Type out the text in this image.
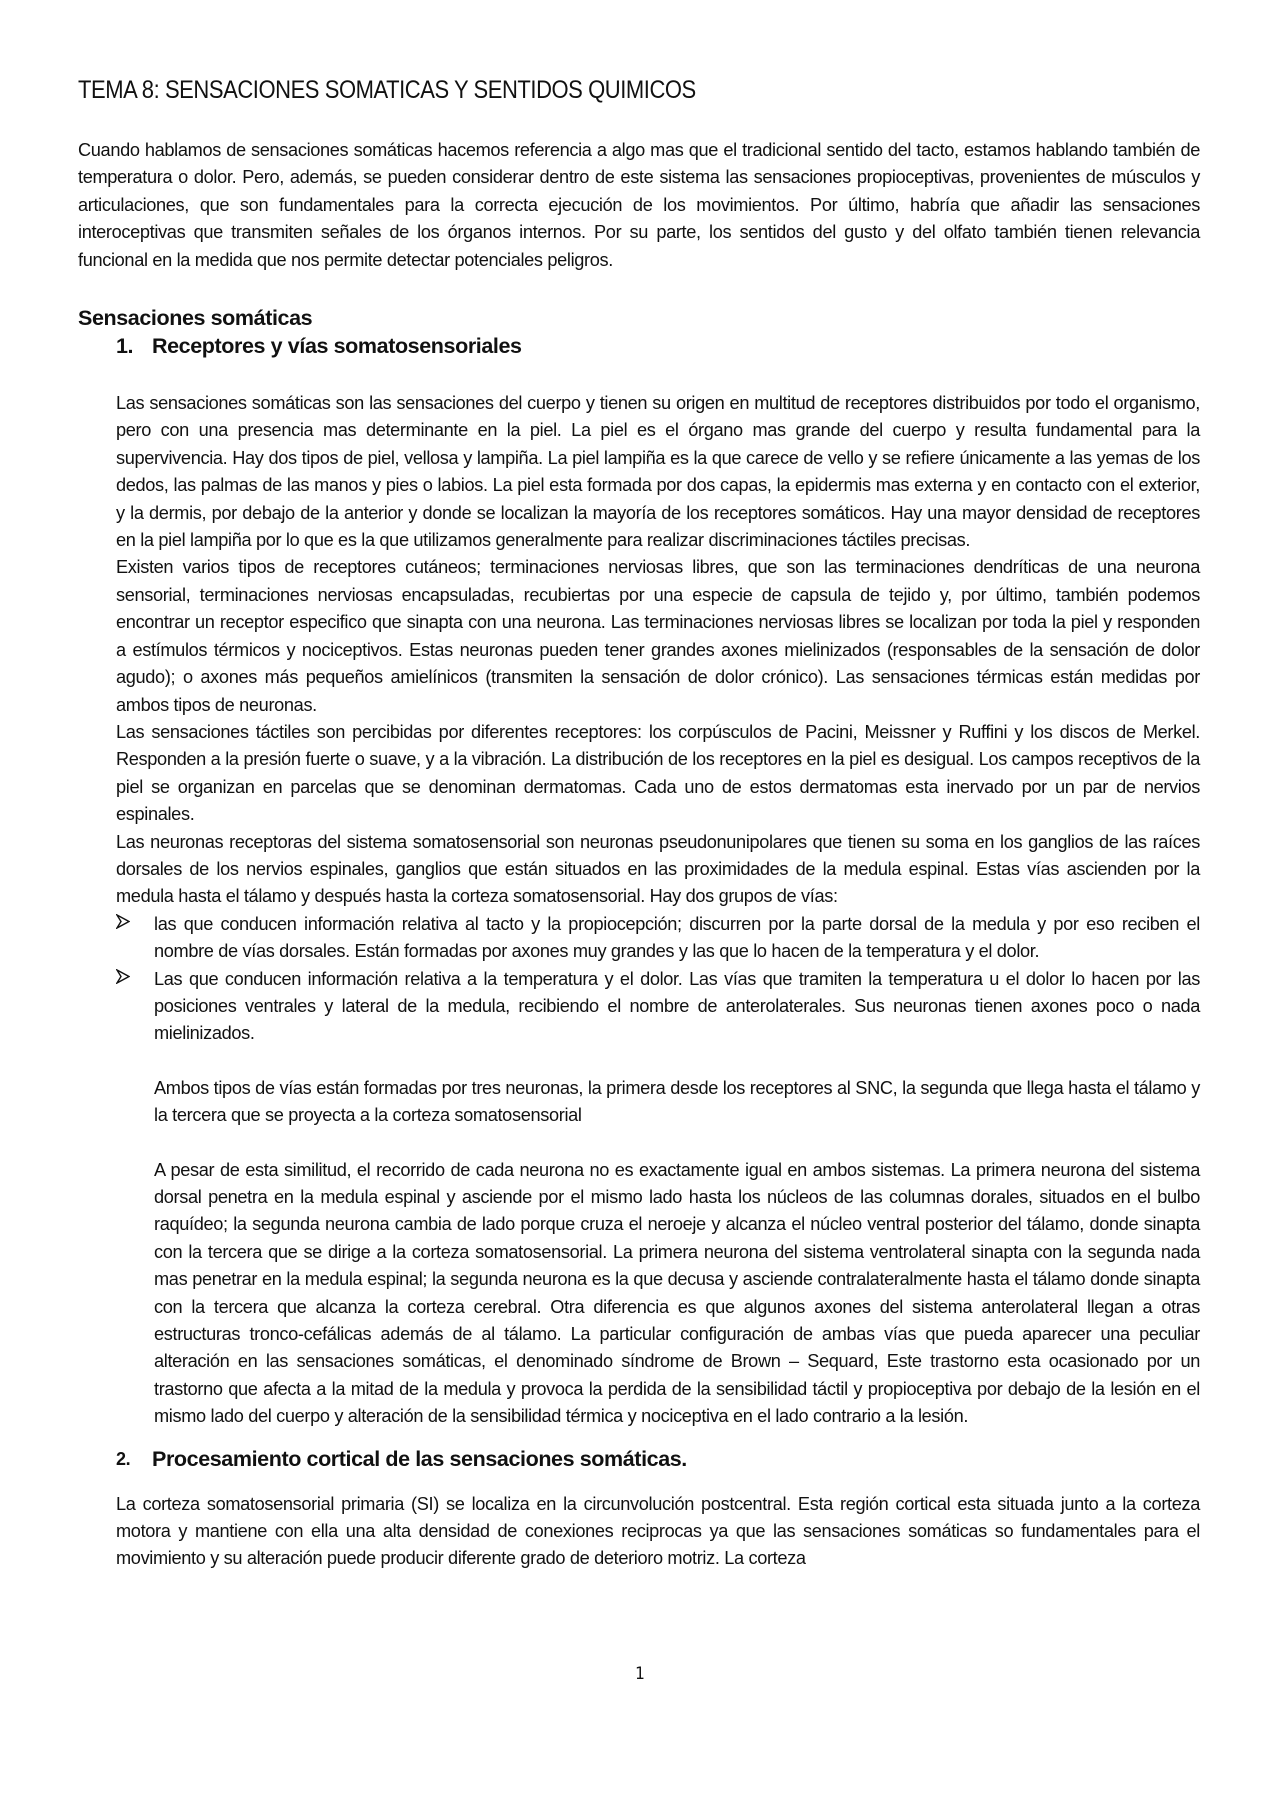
TEMA 8: SENSACIONES SOMATICAS Y SENTIDOS QUIMICOS

Cuando hablamos de sensaciones somáticas hacemos referencia a algo mas que el tradicional sentido del tacto, estamos hablando también de temperatura o dolor. Pero, además, se pueden considerar dentro de este sistema las sensaciones propioceptivas, provenientes de músculos y articulaciones, que son fundamentales para la correcta ejecución de los movimientos. Por último, habría que añadir las sensaciones interoceptivas que transmiten señales de los órganos internos. Por su parte, los sentidos del gusto y del olfato también tienen relevancia funcional en la medida que nos permite detectar potenciales peligros.

Sensaciones somáticas
1. Receptores y vías somatosensoriales

Las sensaciones somáticas son las sensaciones del cuerpo y tienen su origen en multitud de receptores distribuidos por todo el organismo, pero con una presencia mas determinante en la piel. La piel es el órgano mas grande del cuerpo y resulta fundamental para la supervivencia. Hay dos tipos de piel, vellosa y lampiña. La piel lampiña es la que carece de vello y se refiere únicamente a las yemas de los dedos, las palmas de las manos y pies o labios. La piel esta formada por dos capas, la epidermis mas externa y en contacto con el exterior, y la dermis, por debajo de la anterior y donde se localizan la mayoría de los receptores somáticos. Hay una mayor densidad de receptores en la piel lampiña por lo que es la que utilizamos generalmente para realizar discriminaciones táctiles precisas.

Existen varios tipos de receptores cutáneos; terminaciones nerviosas libres, que son las terminaciones dendríticas de una neurona sensorial, terminaciones nerviosas encapsuladas, recubiertas por una especie de capsula de tejido y, por último, también podemos encontrar un receptor especifico que sinapta con una neurona. Las terminaciones nerviosas libres se localizan por toda la piel y responden a estímulos térmicos y nociceptivos. Estas neuronas pueden tener grandes axones mielinizados (responsables de la sensación de dolor agudo); o axones más pequeños amielínicos (transmiten la sensación de dolor crónico). Las sensaciones térmicas están medidas por ambos tipos de neuronas.

Las sensaciones táctiles son percibidas por diferentes receptores: los corpúsculos de Pacini, Meissner y Ruffini y los discos de Merkel. Responden a la presión fuerte o suave, y a la vibración. La distribución de los receptores en la piel es desigual. Los campos receptivos de la piel se organizan en parcelas que se denominan dermatomas. Cada uno de estos dermatomas esta inervado por un par de nervios espinales.

Las neuronas receptoras del sistema somatosensorial son neuronas pseudonunipolares que tienen su soma en los ganglios de las raíces dorsales de los nervios espinales, ganglios que están situados en las proximidades de la medula espinal. Estas vías ascienden por la medula hasta el tálamo y después hasta la corteza somatosensorial. Hay dos grupos de vías:

las que conducen información relativa al tacto y la propiocepción; discurren por la parte dorsal de la medula y por eso reciben el nombre de vías dorsales. Están formadas por axones muy grandes y las que lo hacen de la temperatura y el dolor.
Las que conducen información relativa a la temperatura y el dolor. Las vías que tramiten la temperatura u el dolor lo hacen por las posiciones ventrales y lateral de la medula, recibiendo el nombre de anterolaterales. Sus neuronas tienen axones poco o nada mielinizados.

Ambos tipos de vías están formadas por tres neuronas, la primera desde los receptores al SNC, la segunda que llega hasta el tálamo y la tercera que se proyecta a la corteza somatosensorial

A pesar de esta similitud, el recorrido de cada neurona no es exactamente igual en ambos sistemas. La primera neurona del sistema dorsal penetra en la medula espinal y asciende por el mismo lado hasta los núcleos de las columnas dorales, situados en el bulbo raquídeo; la segunda neurona cambia de lado porque cruza el neroeje y alcanza el núcleo ventral posterior del tálamo, donde sinapta con la tercera que se dirige a la corteza somatosensorial. La primera neurona del sistema ventrolateral sinapta con la segunda nada mas penetrar en la medula espinal; la segunda neurona es la que decusa y asciende contralateralmente hasta el tálamo donde sinapta con la tercera que alcanza la corteza cerebral. Otra diferencia es que algunos axones del sistema anterolateral llegan a otras estructuras tronco-cefálicas además de al tálamo. La particular configuración de ambas vías que pueda aparecer una peculiar alteración en las sensaciones somáticas, el denominado síndrome de Brown – Sequard, Este trastorno esta ocasionado por un trastorno que afecta a la mitad de la medula y provoca la perdida de la sensibilidad táctil y propioceptiva por debajo de la lesión en el mismo lado del cuerpo y alteración de la sensibilidad térmica y nociceptiva en el lado contrario a la lesión.

2.	Procesamiento cortical de las sensaciones somáticas.

La corteza somatosensorial primaria (SI) se localiza en la circunvolución postcentral. Esta región cortical esta situada junto a la corteza motora y mantiene con ella una alta densidad de conexiones reciprocas ya que las sensaciones somáticas so fundamentales para el movimiento y su alteración puede producir diferente grado de deterioro motriz. La corteza

1
